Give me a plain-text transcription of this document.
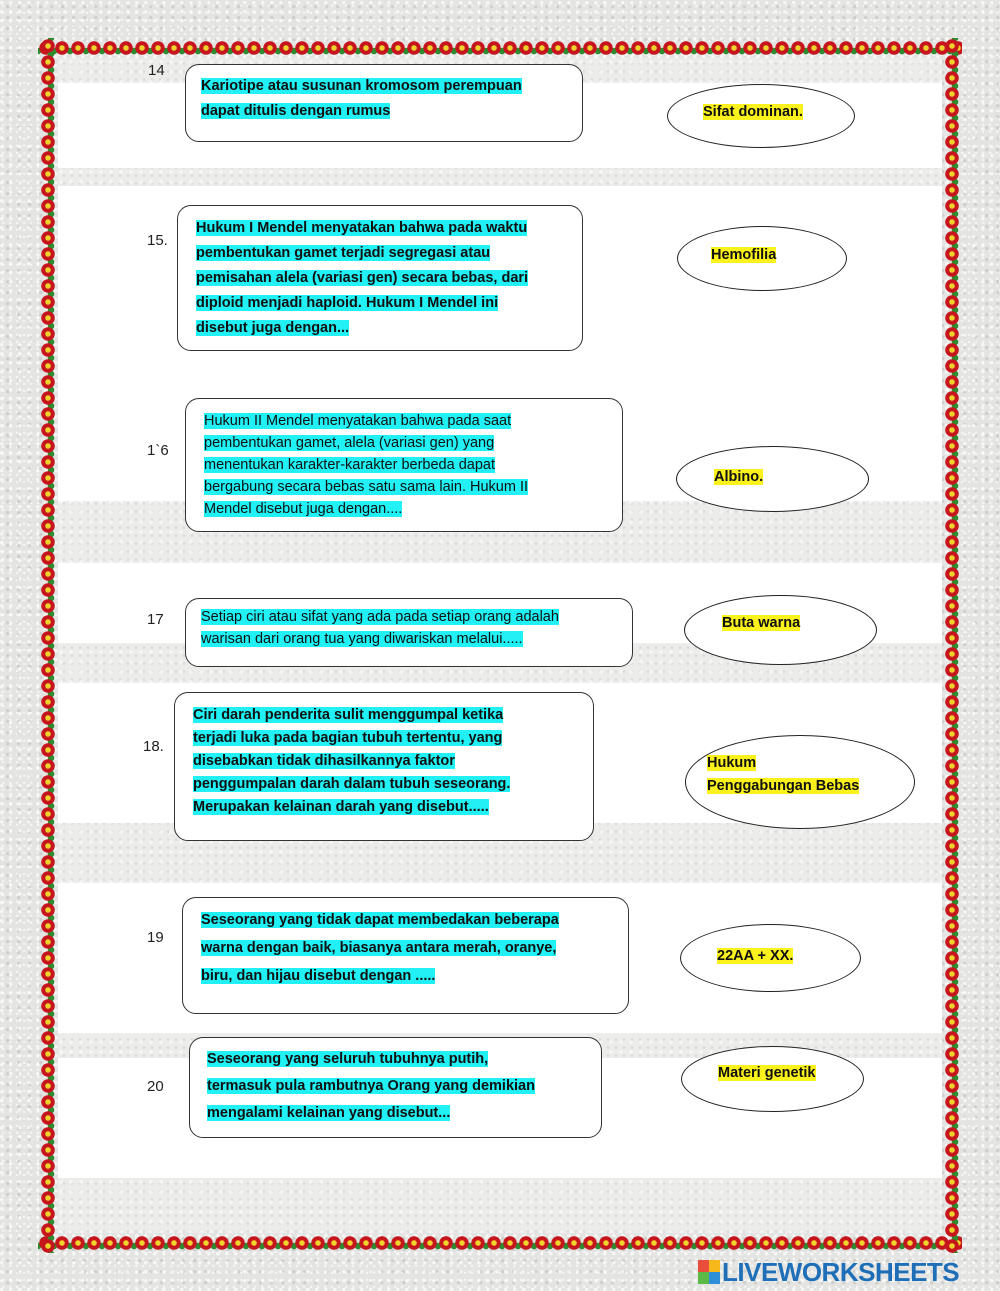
14
Kariotipe atau susunan kromosom perempuan
dapat ditulis dengan rumus
15.
Hukum I Mendel menyatakan bahwa pada waktu
pembentukan gamet terjadi segregasi atau
pemisahan alela (variasi gen) secara bebas, dari
diploid menjadi haploid. Hukum I Mendel ini
disebut juga dengan...
1`6
Hukum II Mendel menyatakan bahwa pada saat
pembentukan gamet, alela (variasi gen) yang
menentukan karakter-karakter berbeda dapat
bergabung secara bebas satu sama lain. Hukum II
Mendel disebut juga dengan....
17	Setiap ciri atau sifat yang ada pada setiap orang adalah
warisan dari orang tua yang diwariskan melalui.....
18.
Ciri darah penderita sulit menggumpal ketika
terjadi luka pada bagian tubuh tertentu, yang
disebabkan tidak dihasilkannya faktor
penggumpalan darah dalam tubuh seseorang.
Merupakan kelainan darah yang disebut.....
19
Seseorang yang tidak dapat membedakan beberapa
warna dengan baik, biasanya antara merah, oranye,
biru, dan hijau disebut dengan .....
20
Seseorang yang seluruh tubuhnya putih,
termasuk pula rambutnya Orang yang demikian
mengalami kelainan yang disebut...
Sifat dominan.
Hemofilia
Albino.
Buta warna
Hukum
Penggabungan Bebas
22AA + XX.
Materi genetik
LIVEWORKSHEETS
